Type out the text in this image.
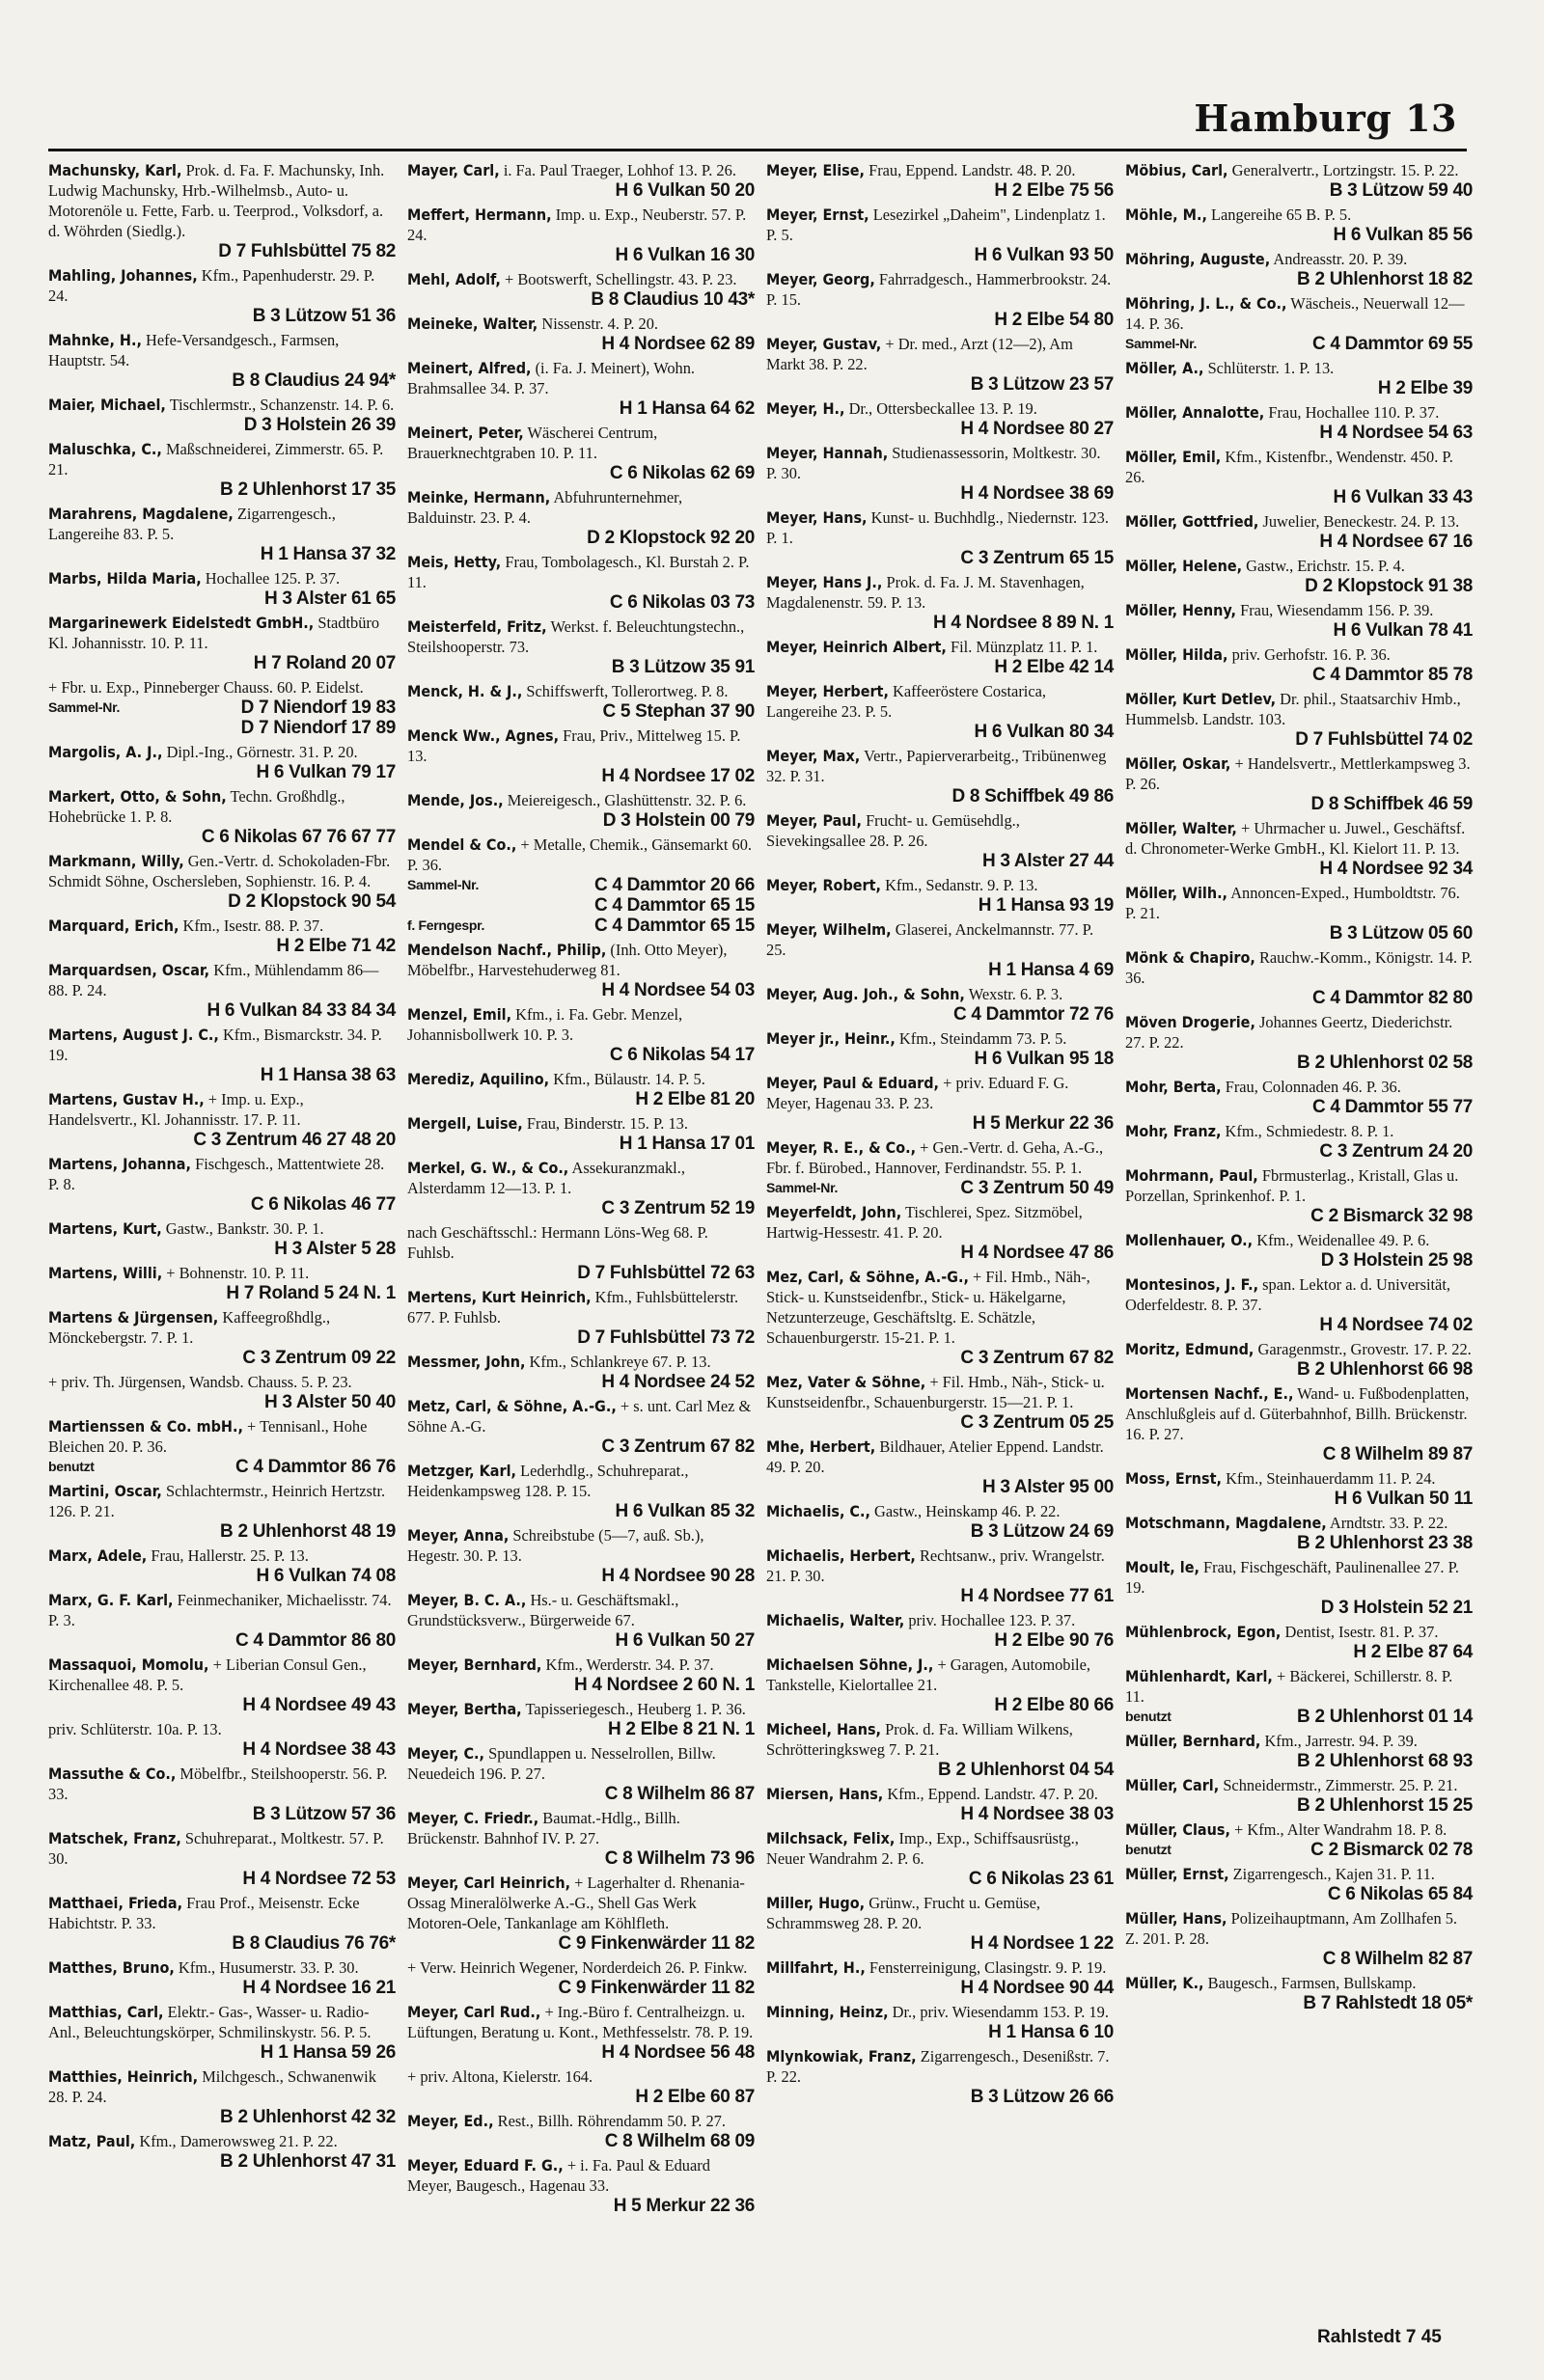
Hamburg 13
Machunsky, Karl, Prok. d. Fa. F. Machunsky, Inh. Ludwig Machunsky, Hrb.-Wilhelmsb., Auto- u. Motorenöle u. Fette, Farb. u. Teerprod., Volksdorf, a. d. Wöhrden (Siedlg.).
D 7 Fuhlsbüttel 75 82
Mahling, Johannes, Kfm., Papenhuderstr. 29. P. 24.
B 3 Lützow 51 36
Mahnke, H., Hefe-Versandgesch., Farmsen, Hauptstr. 54.
B 8 Claudius 24 94*
Maier, Michael, Tischlermstr., Schanzenstr. 14. P. 6.
D 3 Holstein 26 39
Maluschka, C., Maßschneiderei, Zimmerstr. 65. P. 21.
B 2 Uhlenhorst 17 35
Marahrens, Magdalene, Zigarrengesch., Langereihe 83. P. 5.
H 1 Hansa 37 32
Marbs, Hilda Maria, Hochallee 125. P. 37.
H 3 Alster 61 65
Margarinewerk Eidelstedt GmbH., Stadtbüro Kl. Johannisstr. 10. P. 11.
H 7 Roland 20 07
+ Fbr. u. Exp., Pinneberger Chauss. 60. P. Eidelst.
Sammel-Nr.	D 7 Niendorf 19 83
D 7 Niendorf 17 89
Margolis, A. J., Dipl.-Ing., Görnestr. 31. P. 20.
H 6 Vulkan 79 17
Markert, Otto, & Sohn, Techn. Großhdlg., Hohebrücke 1. P. 8.
C 6 Nikolas 67 76 67 77
Markmann, Willy, Gen.-Vertr. d. Schokoladen-Fbr. Schmidt Söhne, Oschersleben, Sophienstr. 16. P. 4.
D 2 Klopstock 90 54
Marquard, Erich, Kfm., Isestr. 88. P. 37.
H 2 Elbe 71 42
Marquardsen, Oscar, Kfm., Mühlendamm 86—88. P. 24.
H 6 Vulkan 84 33 84 34
Martens, August J. C., Kfm., Bismarckstr. 34. P. 19.
H 1 Hansa 38 63
Martens, Gustav H., + Imp. u. Exp., Handelsvertr., Kl. Johannisstr. 17. P. 11.
C 3 Zentrum 46 27 48 20
Martens, Johanna, Fischgesch., Mattentwiete 28. P. 8.
C 6 Nikolas 46 77
Martens, Kurt, Gastw., Bankstr. 30. P. 1.
H 3 Alster 5 28
Martens, Willi, + Bohnenstr. 10. P. 11.
H 7 Roland 5 24 N. 1
Martens & Jürgensen, Kaffeegroßhdlg., Mönckebergstr. 7. P. 1.
C 3 Zentrum 09 22
+ priv. Th. Jürgensen, Wandsb. Chauss. 5. P. 23.
H 3 Alster 50 40
Martienssen & Co. mbH., + Tennisanl., Hohe Bleichen 20. P. 36.
benutzt	C 4 Dammtor 86 76
Martini, Oscar, Schlachtermstr., Heinrich Hertzstr. 126. P. 21.
B 2 Uhlenhorst 48 19
Marx, Adele, Frau, Hallerstr. 25. P. 13.
H 6 Vulkan 74 08
Marx, G. F. Karl, Feinmechaniker, Michaelisstr. 74. P. 3.
C 4 Dammtor 86 80
Massaquoi, Momolu, + Liberian Consul Gen., Kirchenallee 48. P. 5.
H 4 Nordsee 49 43
priv. Schlüterstr. 10a. P. 13.
H 4 Nordsee 38 43
Massuthe & Co., Möbelfbr., Steilshooperstr. 56. P. 33.
B 3 Lützow 57 36
Matschek, Franz, Schuhreparat., Moltkestr. 57. P. 30.
H 4 Nordsee 72 53
Matthaei, Frieda, Frau Prof., Meisenstr. Ecke Habichtstr. P. 33.
B 8 Claudius 76 76*
Matthes, Bruno, Kfm., Husumerstr. 33. P. 30.
H 4 Nordsee 16 21
Matthias, Carl, Elektr.- Gas-, Wasser- u. Radio-Anl., Beleuchtungskörper, Schmilinskystr. 56. P. 5.
H 1 Hansa 59 26
Matthies, Heinrich, Milchgesch., Schwanenwik 28. P. 24.
B 2 Uhlenhorst 42 32
Matz, Paul, Kfm., Damerowsweg 21. P. 22.
B 2 Uhlenhorst 47 31
Mayer, Carl, i. Fa. Paul Traeger, Lohhof 13. P. 26.
H 6 Vulkan 50 20
Meffert, Hermann, Imp. u. Exp., Neuberstr. 57. P. 24.
H 6 Vulkan 16 30
Mehl, Adolf, + Bootswerft, Schellingstr. 43. P. 23.
B 8 Claudius 10 43*
Meineke, Walter, Nissenstr. 4. P. 20.
H 4 Nordsee 62 89
Meinert, Alfred, (i. Fa. J. Meinert), Wohn. Brahmsallee 34. P. 37.
H 1 Hansa 64 62
Meinert, Peter, Wäscherei Centrum, Brauerknechtgraben 10. P. 11.
C 6 Nikolas 62 69
Meinke, Hermann, Abfuhrunternehmer, Balduinstr. 23. P. 4.
D 2 Klopstock 92 20
Meis, Hetty, Frau, Tombolagesch., Kl. Burstah 2. P. 11.
C 6 Nikolas 03 73
Meisterfeld, Fritz, Werkst. f. Beleuchtungstechn., Steilshooperstr. 73.
B 3 Lützow 35 91
Menck, H. & J., Schiffswerft, Tollerortweg. P. 8.
C 5 Stephan 37 90
Menck Ww., Agnes, Frau, Priv., Mittelweg 15. P. 13.
H 4 Nordsee 17 02
Mende, Jos., Meiereigesch., Glashüttenstr. 32. P. 6.
D 3 Holstein 00 79
Mendel & Co., + Metalle, Chemik., Gänsemarkt 60. P. 36.
Sammel-Nr.	C 4 Dammtor 20 66
C 4 Dammtor 65 15
f. Ferngespr.	C 4 Dammtor 65 15
Mendelson Nachf., Philip, (Inh. Otto Meyer), Möbelfbr., Harvestehuderweg 81.
H 4 Nordsee 54 03
Menzel, Emil, Kfm., i. Fa. Gebr. Menzel, Johannisbollwerk 10. P. 3.
C 6 Nikolas 54 17
Merediz, Aquilino, Kfm., Bülaustr. 14. P. 5.
H 2 Elbe 81 20
Mergell, Luise, Frau, Binderstr. 15. P. 13.
H 1 Hansa 17 01
Merkel, G. W., & Co., Assekuranzmakl., Alsterdamm 12—13. P. 1.
C 3 Zentrum 52 19
nach Geschäftsschl.: Hermann Löns-Weg 68. P. Fuhlsb.
D 7 Fuhlsbüttel 72 63
Mertens, Kurt Heinrich, Kfm., Fuhlsbüttelerstr. 677. P. Fuhlsb.
D 7 Fuhlsbüttel 73 72
Messmer, John, Kfm., Schlankreye 67. P. 13.
H 4 Nordsee 24 52
Metz, Carl, & Söhne, A.-G., + s. unt. Carl Mez & Söhne A.-G.
C 3 Zentrum 67 82
Metzger, Karl, Lederhdlg., Schuhreparat., Heidenkampsweg 128. P. 15.
H 6 Vulkan 85 32
Meyer, Anna, Schreibstube (5—7, auß. Sb.), Hegestr. 30. P. 13.
H 4 Nordsee 90 28
Meyer, B. C. A., Hs.- u. Geschäftsmakl., Grundstücksverw., Bürgerweide 67.
H 6 Vulkan 50 27
Meyer, Bernhard, Kfm., Werderstr. 34. P. 37.
H 4 Nordsee 2 60 N. 1
Meyer, Bertha, Tapisseriegesch., Heuberg 1. P. 36.
H 2 Elbe 8 21 N. 1
Meyer, C., Spundlappen u. Nesselrollen, Billw. Neuedeich 196. P. 27.
C 8 Wilhelm 86 87
Meyer, C. Friedr., Baumat.-Hdlg., Billh. Brückenstr. Bahnhof IV. P. 27.
C 8 Wilhelm 73 96
Meyer, Carl Heinrich, + Lagerhalter d. Rhenania-Ossag Mineralölwerke A.-G., Shell Gas Werk Motoren-Oele, Tankanlage am Köhlfleth.
C 9 Finkenwärder 11 82
+ Verw. Heinrich Wegener, Norderdeich 26. P. Finkw.
C 9 Finkenwärder 11 82
Meyer, Carl Rud., + Ing.-Büro f. Centralheizgn. u. Lüftungen, Beratung u. Kont., Methfesselstr. 78. P. 19.
H 4 Nordsee 56 48
+ priv. Altona, Kielerstr. 164.
H 2 Elbe 60 87
Meyer, Ed., Rest., Billh. Röhrendamm 50. P. 27.
C 8 Wilhelm 68 09
Meyer, Eduard F. G., + i. Fa. Paul & Eduard Meyer, Baugesch., Hagenau 33.
H 5 Merkur 22 36
Meyer, Elise, Frau, Eppend. Landstr. 48. P. 20.
H 2 Elbe 75 56
Meyer, Ernst, Lesezirkel „Daheim", Lindenplatz 1. P. 5.
H 6 Vulkan 93 50
Meyer, Georg, Fahrradgesch., Hammerbrookstr. 24. P. 15.
H 2 Elbe 54 80
Meyer, Gustav, + Dr. med., Arzt (12—2), Am Markt 38. P. 22.
B 3 Lützow 23 57
Meyer, H., Dr., Ottersbeckallee 13. P. 19.
H 4 Nordsee 80 27
Meyer, Hannah, Studienassessorin, Moltkestr. 30. P. 30.
H 4 Nordsee 38 69
Meyer, Hans, Kunst- u. Buchhdlg., Niedernstr. 123. P. 1.
C 3 Zentrum 65 15
Meyer, Hans J., Prok. d. Fa. J. M. Stavenhagen, Magdalenenstr. 59. P. 13.
H 4 Nordsee 8 89 N. 1
Meyer, Heinrich Albert, Fil. Münzplatz 11. P. 1.
H 2 Elbe 42 14
Meyer, Herbert, Kaffeeröstere Costarica, Langereihe 23. P. 5.
H 6 Vulkan 80 34
Meyer, Max, Vertr., Papierverarbeitg., Tribünenweg 32. P. 31.
D 8 Schiffbek 49 86
Meyer, Paul, Frucht- u. Gemüsehdlg., Sievekingsallee 28. P. 26.
H 3 Alster 27 44
Meyer, Robert, Kfm., Sedanstr. 9. P. 13.
H 1 Hansa 93 19
Meyer, Wilhelm, Glaserei, Anckelmannstr. 77. P. 25.
H 1 Hansa 4 69
Meyer, Aug. Joh., & Sohn, Wexstr. 6. P. 3.
C 4 Dammtor 72 76
Meyer jr., Heinr., Kfm., Steindamm 73. P. 5.
H 6 Vulkan 95 18
Meyer, Paul & Eduard, + priv. Eduard F. G. Meyer, Hagenau 33. P. 23.
H 5 Merkur 22 36
Meyer, R. E., & Co., + Gen.-Vertr. d. Geha, A.-G., Fbr. f. Bürobed., Hannover, Ferdinandstr. 55. P. 1.
Sammel-Nr.	C 3 Zentrum 50 49
Meyerfeldt, John, Tischlerei, Spez. Sitzmöbel, Hartwig-Hessestr. 41. P. 20.
H 4 Nordsee 47 86
Mez, Carl, & Söhne, A.-G., + Fil. Hmb., Näh-, Stick- u. Kunstseidenfbr., Stick- u. Häkelgarne, Netzunterzeuge, Geschäftsltg. E. Schätzle, Schauenburgerstr. 15-21. P. 1.
C 3 Zentrum 67 82
Mez, Vater & Söhne, + Fil. Hmb., Näh-, Stick- u. Kunstseidenfbr., Schauenburgerstr. 15—21. P. 1.
C 3 Zentrum 05 25
Mhe, Herbert, Bildhauer, Atelier Eppend. Landstr. 49. P. 20.
H 3 Alster 95 00
Michaelis, C., Gastw., Heinskamp 46. P. 22.
B 3 Lützow 24 69
Michaelis, Herbert, Rechtsanw., priv. Wrangelstr. 21. P. 30.
H 4 Nordsee 77 61
Michaelis, Walter, priv. Hochallee 123. P. 37.
H 2 Elbe 90 76
Michaelsen Söhne, J., + Garagen, Automobile, Tankstelle, Kielortallee 21.
H 2 Elbe 80 66
Micheel, Hans, Prok. d. Fa. William Wilkens, Schrötteringksweg 7. P. 21.
B 2 Uhlenhorst 04 54
Miersen, Hans, Kfm., Eppend. Landstr. 47. P. 20.
H 4 Nordsee 38 03
Milchsack, Felix, Imp., Exp., Schiffsausrüstg., Neuer Wandrahm 2. P. 6.
C 6 Nikolas 23 61
Miller, Hugo, Grünw., Frucht u. Gemüse, Schrammsweg 28. P. 20.
H 4 Nordsee 1 22
Millfahrt, H., Fensterreinigung, Clasingstr. 9. P. 19.
H 4 Nordsee 90 44
Minning, Heinz, Dr., priv. Wiesendamm 153. P. 19.
H 1 Hansa 6 10
Mlynkowiak, Franz, Zigarrengesch., Desenißstr. 7. P. 22.
B 3 Lützow 26 66
Möbius, Carl, Generalvertr., Lortzingstr. 15. P. 22.
B 3 Lützow 59 40
Möhle, M., Langereihe 65 B. P. 5.
H 6 Vulkan 85 56
Möhring, Auguste, Andreasstr. 20. P. 39.
B 2 Uhlenhorst 18 82
Möhring, J. L., & Co., Wäscheis., Neuerwall 12—14. P. 36.
Sammel-Nr.	C 4 Dammtor 69 55
Möller, A., Schlüterstr. 1. P. 13.
H 2 Elbe 39
Möller, Annalotte, Frau, Hochallee 110. P. 37.
H 4 Nordsee 54 63
Möller, Emil, Kfm., Kistenfbr., Wendenstr. 450. P. 26.
H 6 Vulkan 33 43
Möller, Gottfried, Juwelier, Beneckestr. 24. P. 13.
H 4 Nordsee 67 16
Möller, Helene, Gastw., Erichstr. 15. P. 4.
D 2 Klopstock 91 38
Möller, Henny, Frau, Wiesendamm 156. P. 39.
H 6 Vulkan 78 41
Möller, Hilda, priv. Gerhofstr. 16. P. 36.
C 4 Dammtor 85 78
Möller, Kurt Detlev, Dr. phil., Staatsarchiv Hmb., Hummelsb. Landstr. 103.
D 7 Fuhlsbüttel 74 02
Möller, Oskar, + Handelsvertr., Mettlerkampsweg 3. P. 26.
D 8 Schiffbek 46 59
Möller, Walter, + Uhrmacher u. Juwel., Geschäftsf. d. Chronometer-Werke GmbH., Kl. Kielort 11. P. 13.
H 4 Nordsee 92 34
Möller, Wilh., Annoncen-Exped., Humboldtstr. 76. P. 21.
B 3 Lützow 05 60
Mönk & Chapiro, Rauchw.-Komm., Königstr. 14. P. 36.
C 4 Dammtor 82 80
Möven Drogerie, Johannes Geertz, Diederichstr. 27. P. 22.
B 2 Uhlenhorst 02 58
Mohr, Berta, Frau, Colonnaden 46. P. 36.
C 4 Dammtor 55 77
Mohr, Franz, Kfm., Schmiedestr. 8. P. 1.
C 3 Zentrum 24 20
Mohrmann, Paul, Fbrmusterlag., Kristall, Glas u. Porzellan, Sprinkenhof. P. 1.
C 2 Bismarck 32 98
Mollenhauer, O., Kfm., Weidenallee 49. P. 6.
D 3 Holstein 25 98
Montesinos, J. F., span. Lektor a. d. Universität, Oderfeldestr. 8. P. 37.
H 4 Nordsee 74 02
Moritz, Edmund, Garagenmstr., Grovestr. 17. P. 22.
B 2 Uhlenhorst 66 98
Mortensen Nachf., E., Wand- u. Fußbodenplatten, Anschlußgleis auf d. Güterbahnhof, Billh. Brückenstr. 16. P. 27.
C 8 Wilhelm 89 87
Moss, Ernst, Kfm., Steinhauerdamm 11. P. 24.
H 6 Vulkan 50 11
Motschmann, Magdalene, Arndtstr. 33. P. 22.
B 2 Uhlenhorst 23 38
Moult, le, Frau, Fischgeschäft, Paulinenallee 27. P. 19.
D 3 Holstein 52 21
Mühlenbrock, Egon, Dentist, Isestr. 81. P. 37.
H 2 Elbe 87 64
Mühlenhardt, Karl, + Bäckerei, Schillerstr. 8. P. 11.
benutzt	B 2 Uhlenhorst 01 14
Müller, Bernhard, Kfm., Jarrestr. 94. P. 39.
B 2 Uhlenhorst 68 93
Müller, Carl, Schneidermstr., Zimmerstr. 25. P. 21.
B 2 Uhlenhorst 15 25
Müller, Claus, + Kfm., Alter Wandrahm 18. P. 8.
benutzt	C 2 Bismarck 02 78
Müller, Ernst, Zigarrengesch., Kajen 31. P. 11.
C 6 Nikolas 65 84
Müller, Hans, Polizeihauptmann, Am Zollhafen 5. Z. 201. P. 28.
C 8 Wilhelm 82 87
Müller, K., Baugesch., Farmsen, Bullskamp.
B 7 Rahlstedt 18 05*
Rahlstedt 7 45
